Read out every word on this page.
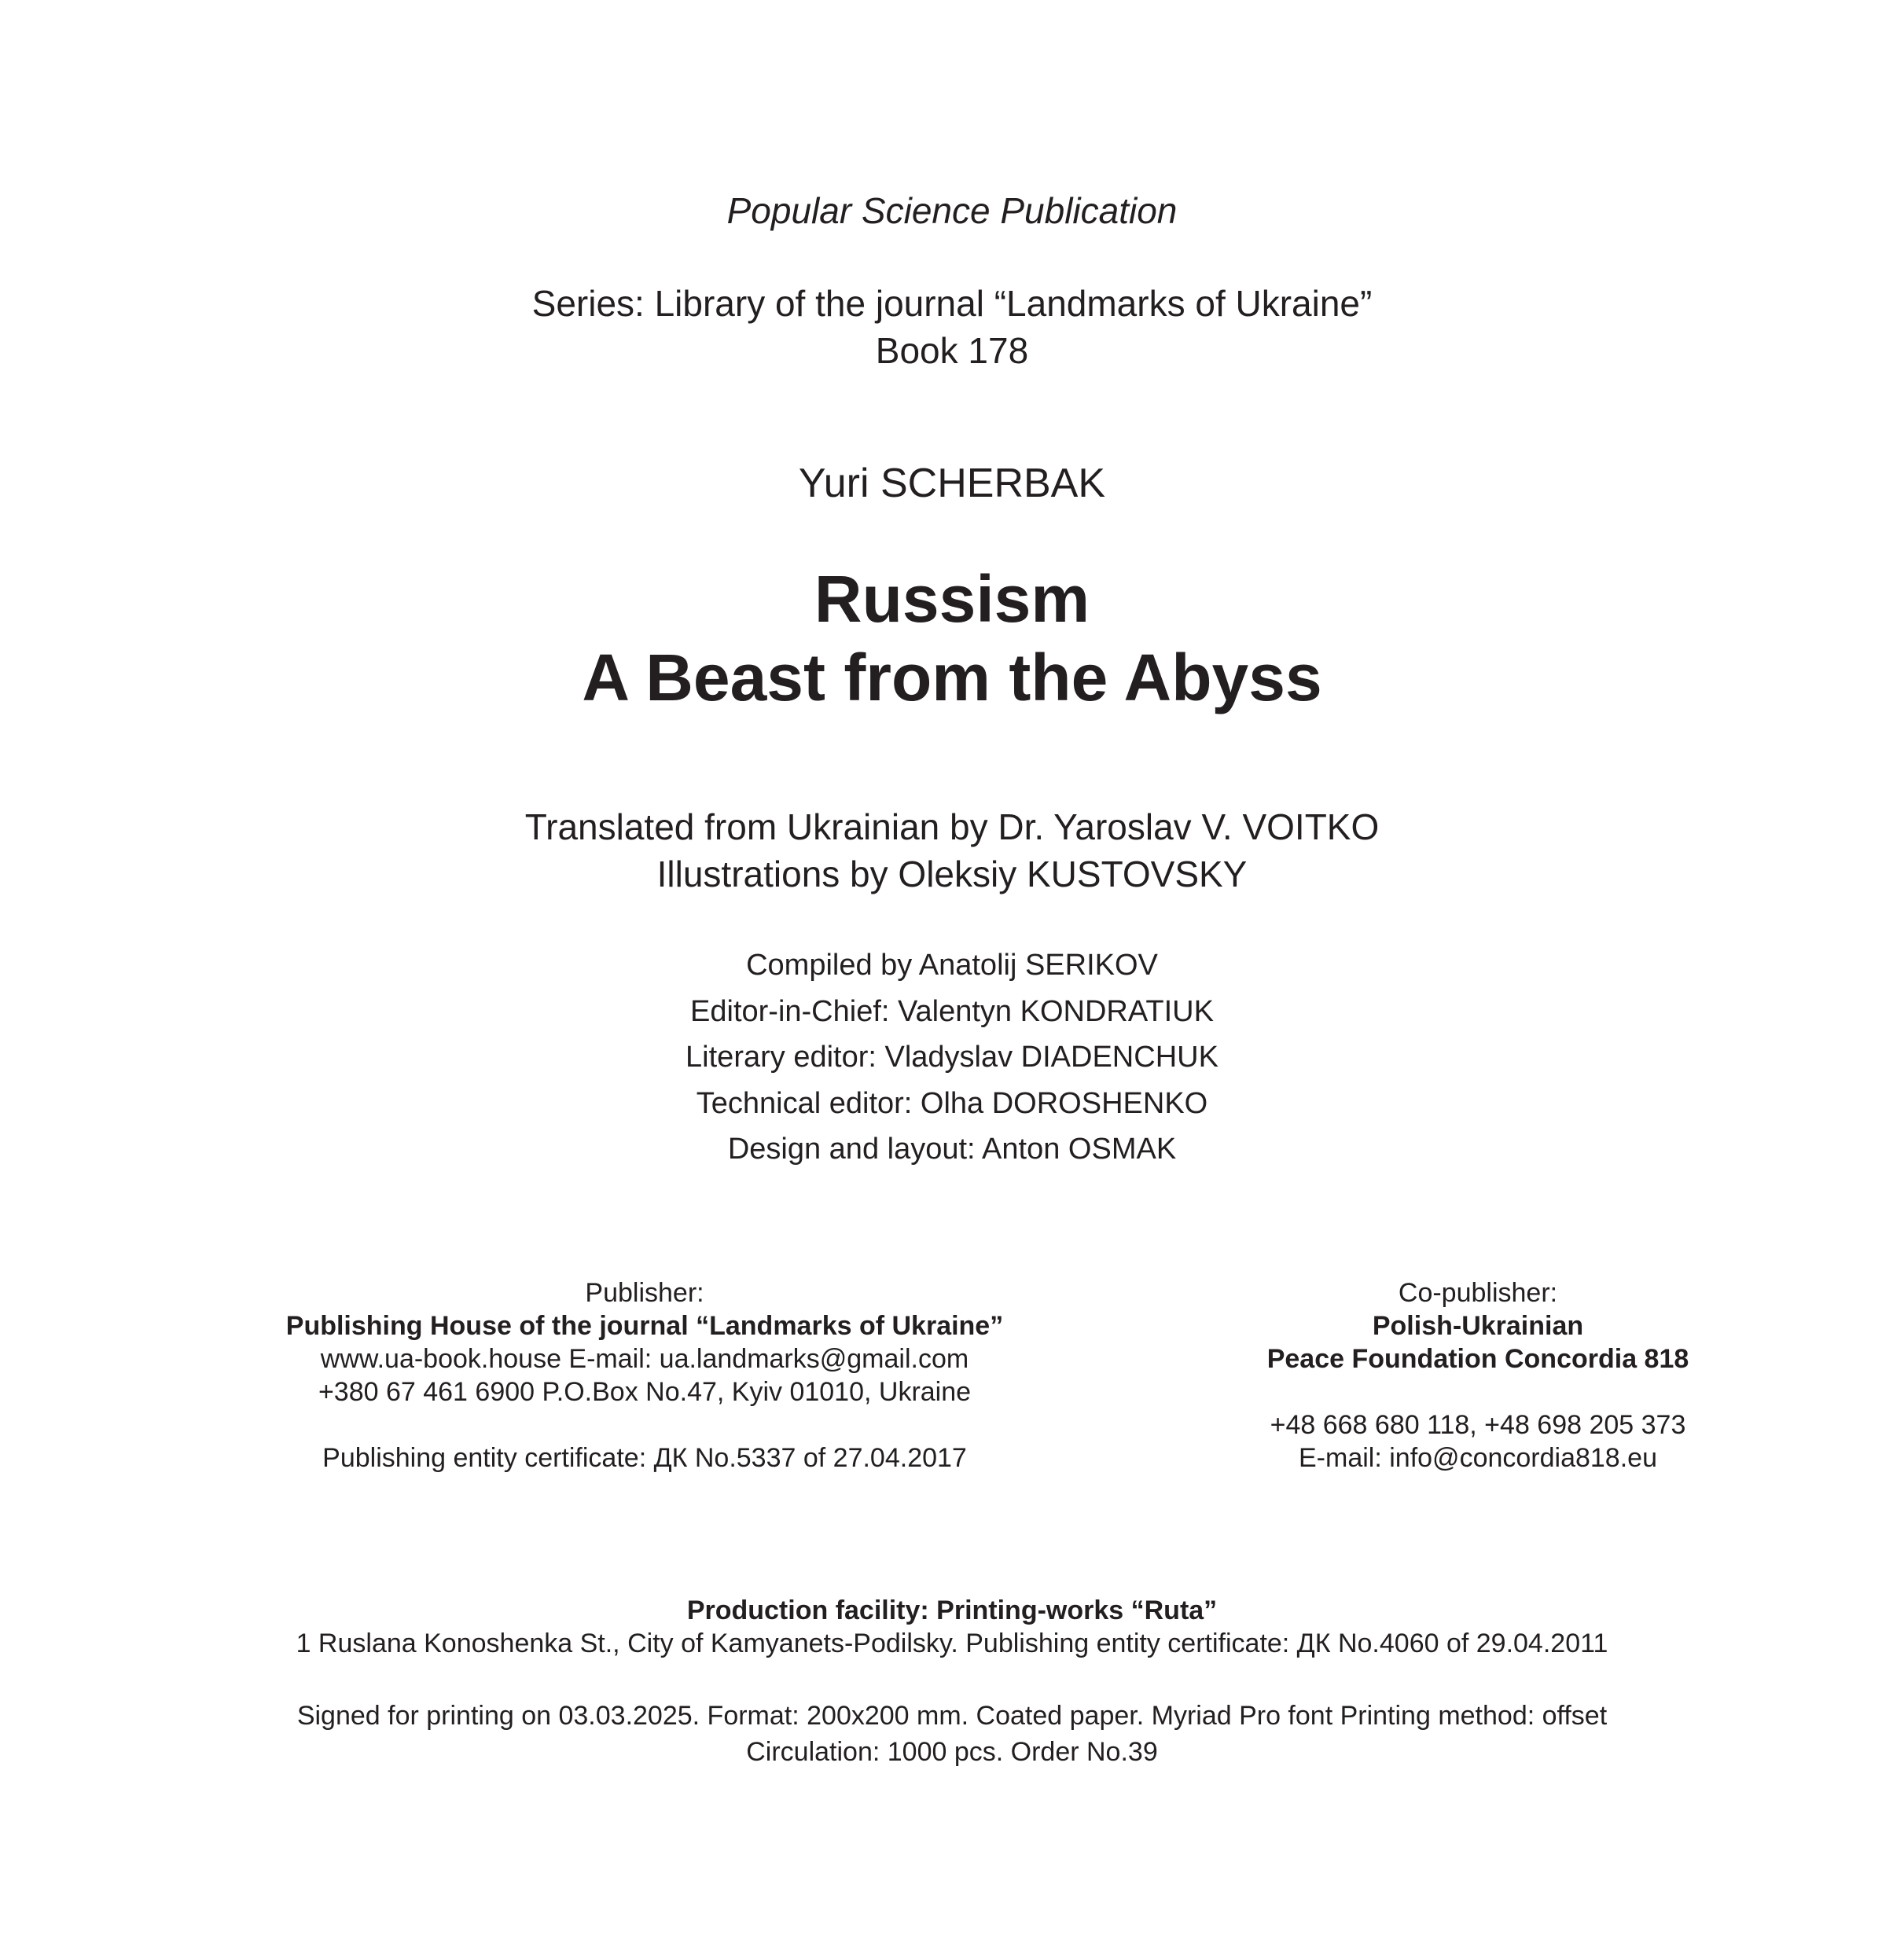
Popular Science Publication
Series: Library of the journal “Landmarks of Ukraine”
Book 178
Yuri SCHERBAK
Russism
A Beast from the Abyss
Translated from Ukrainian by Dr. Yaroslav V. VOITKO
Illustrations by Oleksiy KUSTOVSKY
Compiled by Anatolij SERIKOV
Editor-in-Chief: Valentyn KONDRATIUK
Literary editor: Vladyslav DIADENCHUK
Technical editor: Olha DOROSHENKO
Design and layout: Anton OSMAK
Publisher:
Publishing House of the journal “Landmarks of Ukraine”
www.ua-book.house E-mail: ua.landmarks@gmail.com
+380 67 461 6900 P.O.Box No.47, Kyiv 01010, Ukraine
Publishing entity certificate: ДК No.5337 of 27.04.2017
Co-publisher:
Polish-Ukrainian
Peace Foundation Concordia 818
+48 668 680 118, +48 698 205 373
E-mail: info@concordia818.eu
Production facility: Printing-works “Ruta”
1 Ruslana Konoshenka St., City of Kamyanets-Podilsky. Publishing entity certificate: ДК No.4060 of 29.04.2011
Signed for printing on 03.03.2025. Format: 200x200 mm. Coated paper. Myriad Pro font Printing method: offset
Circulation: 1000 pcs. Order No.39
